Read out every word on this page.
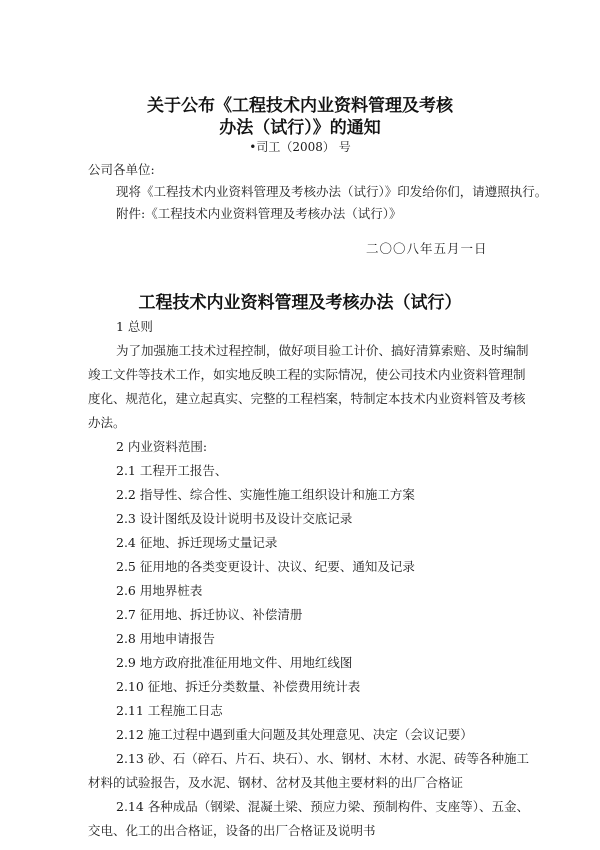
关于公布《工程技术内业资料管理及考核
办法（试行）》的通知
•司工（2008） 号
公司各单位:
现将《工程技术内业资料管理及考核办法（试行）》印发给你们，请遵照执行。
附件:《工程技术内业资料管理及考核办法（试行）》
二〇〇八年五月一日
工程技术内业资料管理及考核办法（试行）
1 总则
为了加强施工技术过程控制，做好项目验工计价、搞好清算索赔、及时编制
竣工文件等技术工作，如实地反映工程的实际情况，使公司技术内业资料管理制
度化、规范化，建立起真实、完整的工程档案，特制定本技术内业资料管及考核
办法。
2 内业资料范围:
2.1 工程开工报告、
2.2 指导性、综合性、实施性施工组织设计和施工方案
2.3 设计图纸及设计说明书及设计交底记录
2.4 征地、拆迁现场丈量记录
2.5 征用地的各类变更设计、决议、纪要、通知及记录
2.6 用地界桩表
2.7 征用地、拆迁协议、补偿清册
2.8 用地申请报告
2.9 地方政府批准征用地文件、用地红线图
2.10 征地、拆迁分类数量、补偿费用统计表
2.11 工程施工日志
2.12 施工过程中遇到重大问题及其处理意见、决定（会议记要）
2.13 砂、石（碎石、片石、块石）、水、钢材、木材、水泥、砖等各种施工
材料的试验报告，及水泥、钢材、岔材及其他主要材料的出厂合格证
2.14 各种成品（钢梁、混凝土梁、预应力梁、预制构件、支座等）、五金、
交电、化工的出合格证，设备的出厂合格证及说明书
